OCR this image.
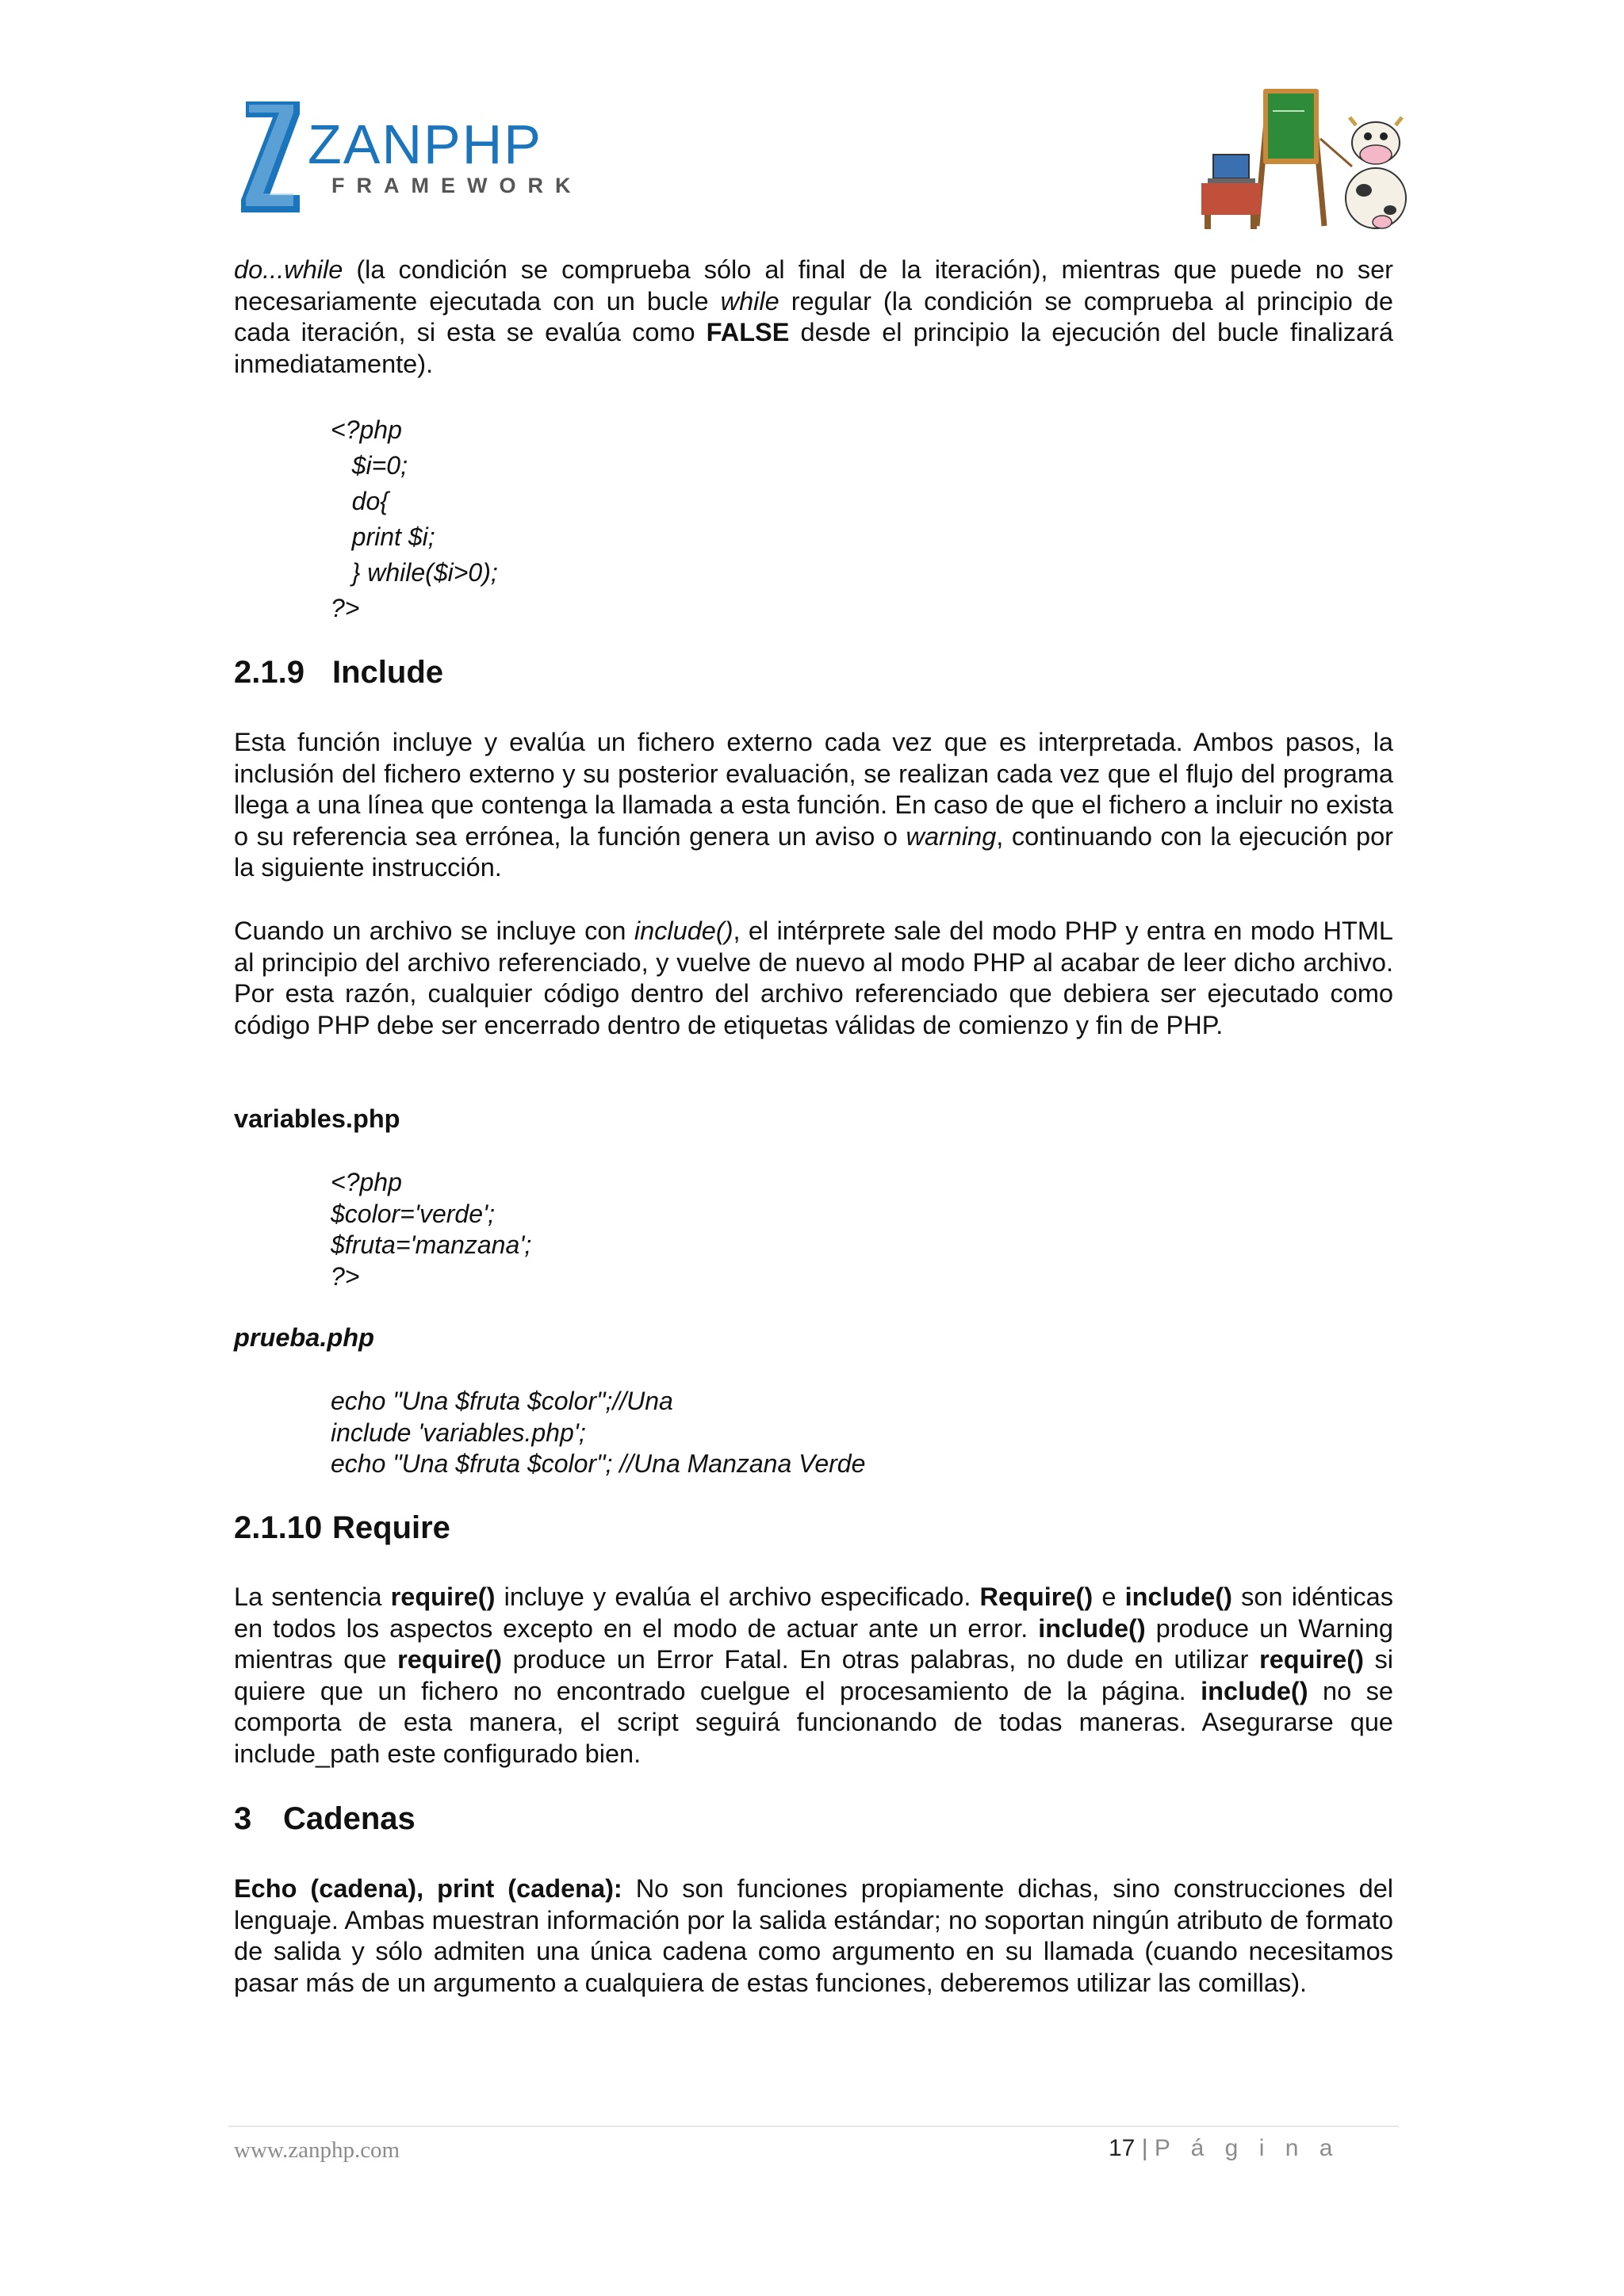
ZANPHP
FRAMEWORK

do...while (la condición se comprueba sólo al final de la iteración), mientras que puede no ser necesariamente ejecutada con un bucle while regular (la condición se comprueba al principio de cada iteración, si esta se evalúa como FALSE desde el principio la ejecución del bucle finalizará inmediatamente).

<?php
$i=0;
do{
print $i;
} while($i>0);
?>
2.1.9 Include

Esta función incluye y evalúa un fichero externo cada vez que es interpretada. Ambos pasos, la inclusión del fichero externo y su posterior evaluación, se realizan cada vez que el flujo del programa llega a una línea que contenga la llamada a esta función. En caso de que el fichero a incluir no exista o su referencia sea errónea, la función genera un aviso o warning, continuando con la ejecución por la siguiente instrucción.

Cuando un archivo se incluye con include(), el intérprete sale del modo PHP y entra en modo HTML al principio del archivo referenciado, y vuelve de nuevo al modo PHP al acabar de leer dicho archivo. Por esta razón, cualquier código dentro del archivo referenciado que debiera ser ejecutado como código PHP debe ser encerrado dentro de etiquetas válidas de comienzo y fin de PHP.

variables.php
<?php
$color='verde';
$fruta='manzana';
?>
prueba.php
echo "Una $fruta $color";//Una
include 'variables.php';
echo "Una $fruta $color"; //Una Manzana Verde
2.1.10 Require

La sentencia require() incluye y evalúa el archivo especificado. Require() e include() son idénticas en todos los aspectos excepto en el modo de actuar ante un error. include() produce un Warning mientras que require() produce un Error Fatal. En otras palabras, no dude en utilizar require() si quiere que un fichero no encontrado cuelgue el procesamiento de la página. include() no se comporta de esta manera, el script seguirá funcionando de todas maneras. Asegurarse que include_path este configurado bien.

3 Cadenas

Echo (cadena), print (cadena): No son funciones propiamente dichas, sino construcciones del lenguaje. Ambas muestran información por la salida estándar; no soportan ningún atributo de formato de salida y sólo admiten una única cadena como argumento en su llamada (cuando necesitamos pasar más de un argumento a cualquiera de estas funciones, deberemos utilizar las comillas).

www.zanphp.com	17 | P á g i n a
